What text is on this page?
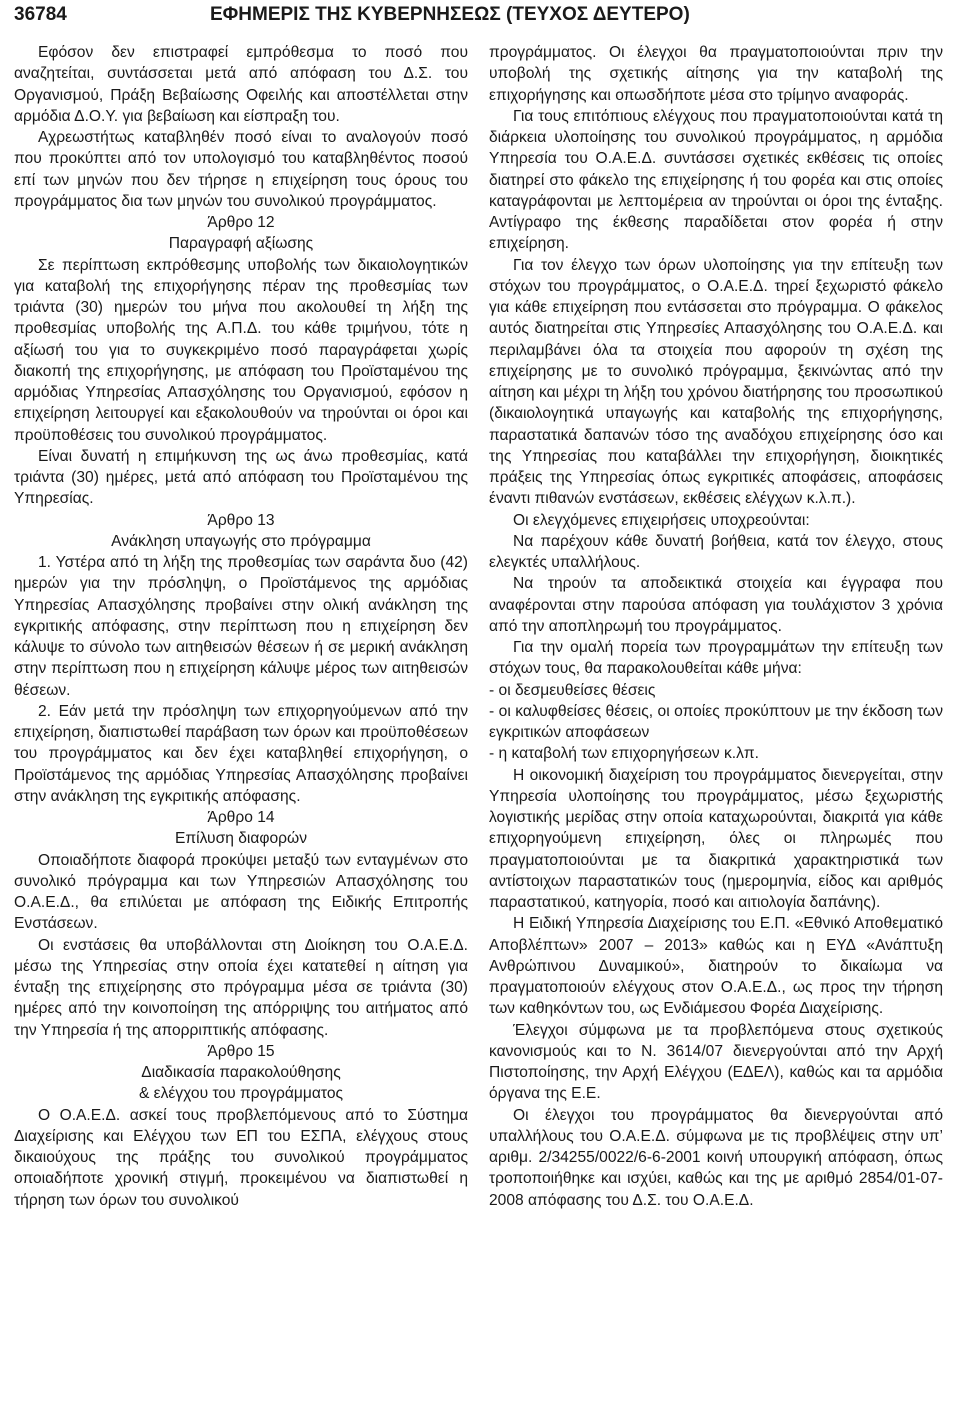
36784	ΕΦΗΜΕΡΙΣ ΤΗΣ ΚΥΒΕΡΝΗΣΕΩΣ (ΤΕΥΧΟΣ ΔΕΥΤΕΡΟ)

Εφόσον δεν επιστραφεί εμπρόθεσμα το ποσό που αναζητείται, συντάσσεται μετά από απόφαση του Δ.Σ. του Οργανισμού, Πράξη Βεβαίωσης Οφειλής και αποστέλλεται στην αρμόδια Δ.Ο.Υ. για βεβαίωση και είσπραξη του.

Αχρεωστήτως καταβληθέν ποσό είναι το αναλογούν ποσό που προκύπτει από τον υπολογισμό του καταβληθέντος ποσού επί των μηνών που δεν τήρησε η επιχείρηση τους όρους του προγράμματος δια των μηνών του συνολικού προγράμματος.

Άρθρο 12

Παραγραφή αξίωσης

Σε περίπτωση εκπρόθεσμης υποβολής των δικαιολογητικών για καταβολή της επιχορήγησης πέραν της προθεσμίας των τριάντα (30) ημερών του μήνα που ακολουθεί τη λήξη της προθεσμίας υποβολής της Α.Π.Δ. του κάθε τριμήνου, τότε η αξίωσή του για το συγκεκριμένο ποσό παραγράφεται χωρίς διακοπή της επιχορήγησης, με απόφαση του Προϊσταμένου της αρμόδιας Υπηρεσίας Απασχόλησης του Οργανισμού, εφόσον η επιχείρηση λειτουργεί και εξακολουθούν να τηρούνται οι όροι και προϋποθέσεις του συνολικού προγράμματος.

Είναι δυνατή η επιμήκυνση της ως άνω προθεσμίας, κατά τριάντα (30) ημέρες, μετά από απόφαση του Προϊσταμένου της Υπηρεσίας.

Άρθρο 13

Ανάκληση υπαγωγής στο πρόγραμμα

1. Υστέρα από τη λήξη της προθεσμίας των σαράντα δυο (42) ημερών για την πρόσληψη, ο Προϊστάμενος της αρμόδιας Υπηρεσίας Απασχόλησης προβαίνει στην ολική ανάκληση της εγκριτικής απόφασης, στην περίπτωση που η επιχείρηση δεν κάλυψε το σύνολο των αιτηθεισών θέσεων ή σε μερική ανάκληση στην περίπτωση που η επιχείρηση κάλυψε μέρος των αιτηθεισών θέσεων.

2. Εάν μετά την πρόσληψη των επιχορηγούμενων από την επιχείρηση, διαπιστωθεί παράβαση των όρων και προϋποθέσεων του προγράμματος και δεν έχει καταβληθεί επιχορήγηση, ο Προϊστάμενος της αρμόδιας Υπηρεσίας Απασχόλησης προβαίνει στην ανάκληση της εγκριτικής απόφασης.

Άρθρο 14

Επίλυση διαφορών

Οποιαδήποτε διαφορά προκύψει μεταξύ των ενταγμένων στο συνολικό πρόγραμμα και των Υπηρεσιών Απασχόλησης του Ο.Α.Ε.Δ., θα επιλύεται με απόφαση της Ειδικής Επιτροπής Ενστάσεων.

Οι ενστάσεις θα υποβάλλονται στη Διοίκηση του Ο.Α.Ε.Δ. μέσω της Υπηρεσίας στην οποία έχει κατατεθεί η αίτηση για ένταξη της επιχείρησης στο πρόγραμμα μέσα σε τριάντα (30) ημέρες από την κοινοποίηση της απόρριψης του αιτήματος από την Υπηρεσία ή της απορριπτικής απόφασης.

Άρθρο 15

Διαδικασία παρακολούθησης

& ελέγχου του προγράμματος

Ο Ο.Α.Ε.Δ. ασκεί τους προβλεπόμενους από το Σύστημα Διαχείρισης και Ελέγχου των ΕΠ του ΕΣΠΑ, ελέγχους στους δικαιούχους της πράξης του συνολικού προγράμματος οποιαδήποτε χρονική στιγμή, προκειμένου να διαπιστωθεί η τήρηση των όρων του συνολικού

προγράμματος. Οι έλεγχοι θα πραγματοποιούνται πριν την υποβολή της σχετικής αίτησης για την καταβολή της επιχορήγησης και οπωσδήποτε μέσα στο τρίμηνο αναφοράς.

Για τους επιτόπιους ελέγχους που πραγματοποιούνται κατά τη διάρκεια υλοποίησης του συνολικού προγράμματος, η αρμόδια Υπηρεσία του Ο.Α.Ε.Δ. συντάσσει σχετικές εκθέσεις τις οποίες διατηρεί στο φάκελο της επιχείρησης ή του φορέα και στις οποίες καταγράφονται με λεπτομέρεια αν τηρούνται οι όροι της ένταξης. Αντίγραφο της έκθεσης παραδίδεται στον φορέα ή στην επιχείρηση.

Για τον έλεγχο των όρων υλοποίησης για την επίτευξη των στόχων του προγράμματος, ο Ο.Α.Ε.Δ. τηρεί ξεχωριστό φάκελο για κάθε επιχείρηση που εντάσσεται στο πρόγραμμα. Ο φάκελος αυτός διατηρείται στις Υπηρεσίες Απασχόλησης του Ο.Α.Ε.Δ. και περιλαμβάνει όλα τα στοιχεία που αφορούν τη σχέση της επιχείρησης με το συνολικό πρόγραμμα, ξεκινώντας από την αίτηση και μέχρι τη λήξη του χρόνου διατήρησης του προσωπικού (δικαιολογητικά υπαγωγής και καταβολής της επιχορήγησης, παραστατικά δαπανών τόσο της αναδόχου επιχείρησης όσο και της Υπηρεσίας που καταβάλλει την επιχορήγηση, διοικητικές πράξεις της Υπηρεσίας όπως εγκριτικές αποφάσεις, αποφάσεις έναντι πιθανών ενστάσεων, εκθέσεις ελέγχων κ.λ.π.).

Οι ελεγχόμενες επιχειρήσεις υποχρεούνται:

Να παρέχουν κάθε δυνατή βοήθεια, κατά τον έλεγχο, στους ελεγκτές υπαλλήλους.

Να τηρούν τα αποδεικτικά στοιχεία και έγγραφα που αναφέρονται στην παρούσα απόφαση για τουλάχιστον 3 χρόνια από την αποπληρωμή του προγράμματος.

Για την ομαλή πορεία των προγραμμάτων την επίτευξη των στόχων τους, θα παρακολουθείται κάθε μήνα:

- οι δεσμευθείσες θέσεις

- οι καλυφθείσες θέσεις, οι οποίες προκύπτουν με την έκδοση των εγκριτικών αποφάσεων

- η καταβολή των επιχορηγήσεων κ.λπ.

Η οικονομική διαχείριση του προγράμματος διενεργείται, στην Υπηρεσία υλοποίησης του προγράμματος, μέσω ξεχωριστής λογιστικής μερίδας στην οποία καταχωρούνται, διακριτά για κάθε επιχορηγούμενη επιχείρηση, όλες οι πληρωμές που πραγματοποιούνται με τα διακριτικά χαρακτηριστικά των αντίστοιχων παραστατικών τους (ημερομηνία, είδος και αριθμός παραστατικού, κατηγορία, ποσό και αιτιολογία δαπάνης).

Η Ειδική Υπηρεσία Διαχείρισης του Ε.Π. «Εθνικό Αποθεματικό Αποβλέπτων» 2007 – 2013» καθώς και η ΕΥΔ «Ανάπτυξη Ανθρώπινου Δυναμικού», διατηρούν το δικαίωμα να πραγματοποιούν ελέγχους στον Ο.Α.Ε.Δ., ως προς την τήρηση των καθηκόντων του, ως Ενδιάμεσου Φορέα Διαχείρισης.

Έλεγχοι σύμφωνα με τα προβλεπόμενα στους σχετικούς κανονισμούς και το Ν. 3614/07 διενεργούνται από την Αρχή Πιστοποίησης, την Αρχή Ελέγχου (ΕΔΕΛ), καθώς και τα αρμόδια όργανα της Ε.Ε.

Οι έλεγχοι του προγράμματος θα διενεργούνται από υπαλλήλους του Ο.Α.Ε.Δ. σύμφωνα με τις προβλέψεις στην υπ’ αριθμ. 2/34255/0022/6-6-2001 κοινή υπουργική απόφαση, όπως τροποποιήθηκε και ισχύει, καθώς και της με αριθμό 2854/01-07-2008 απόφασης του Δ.Σ. του Ο.Α.Ε.Δ.
